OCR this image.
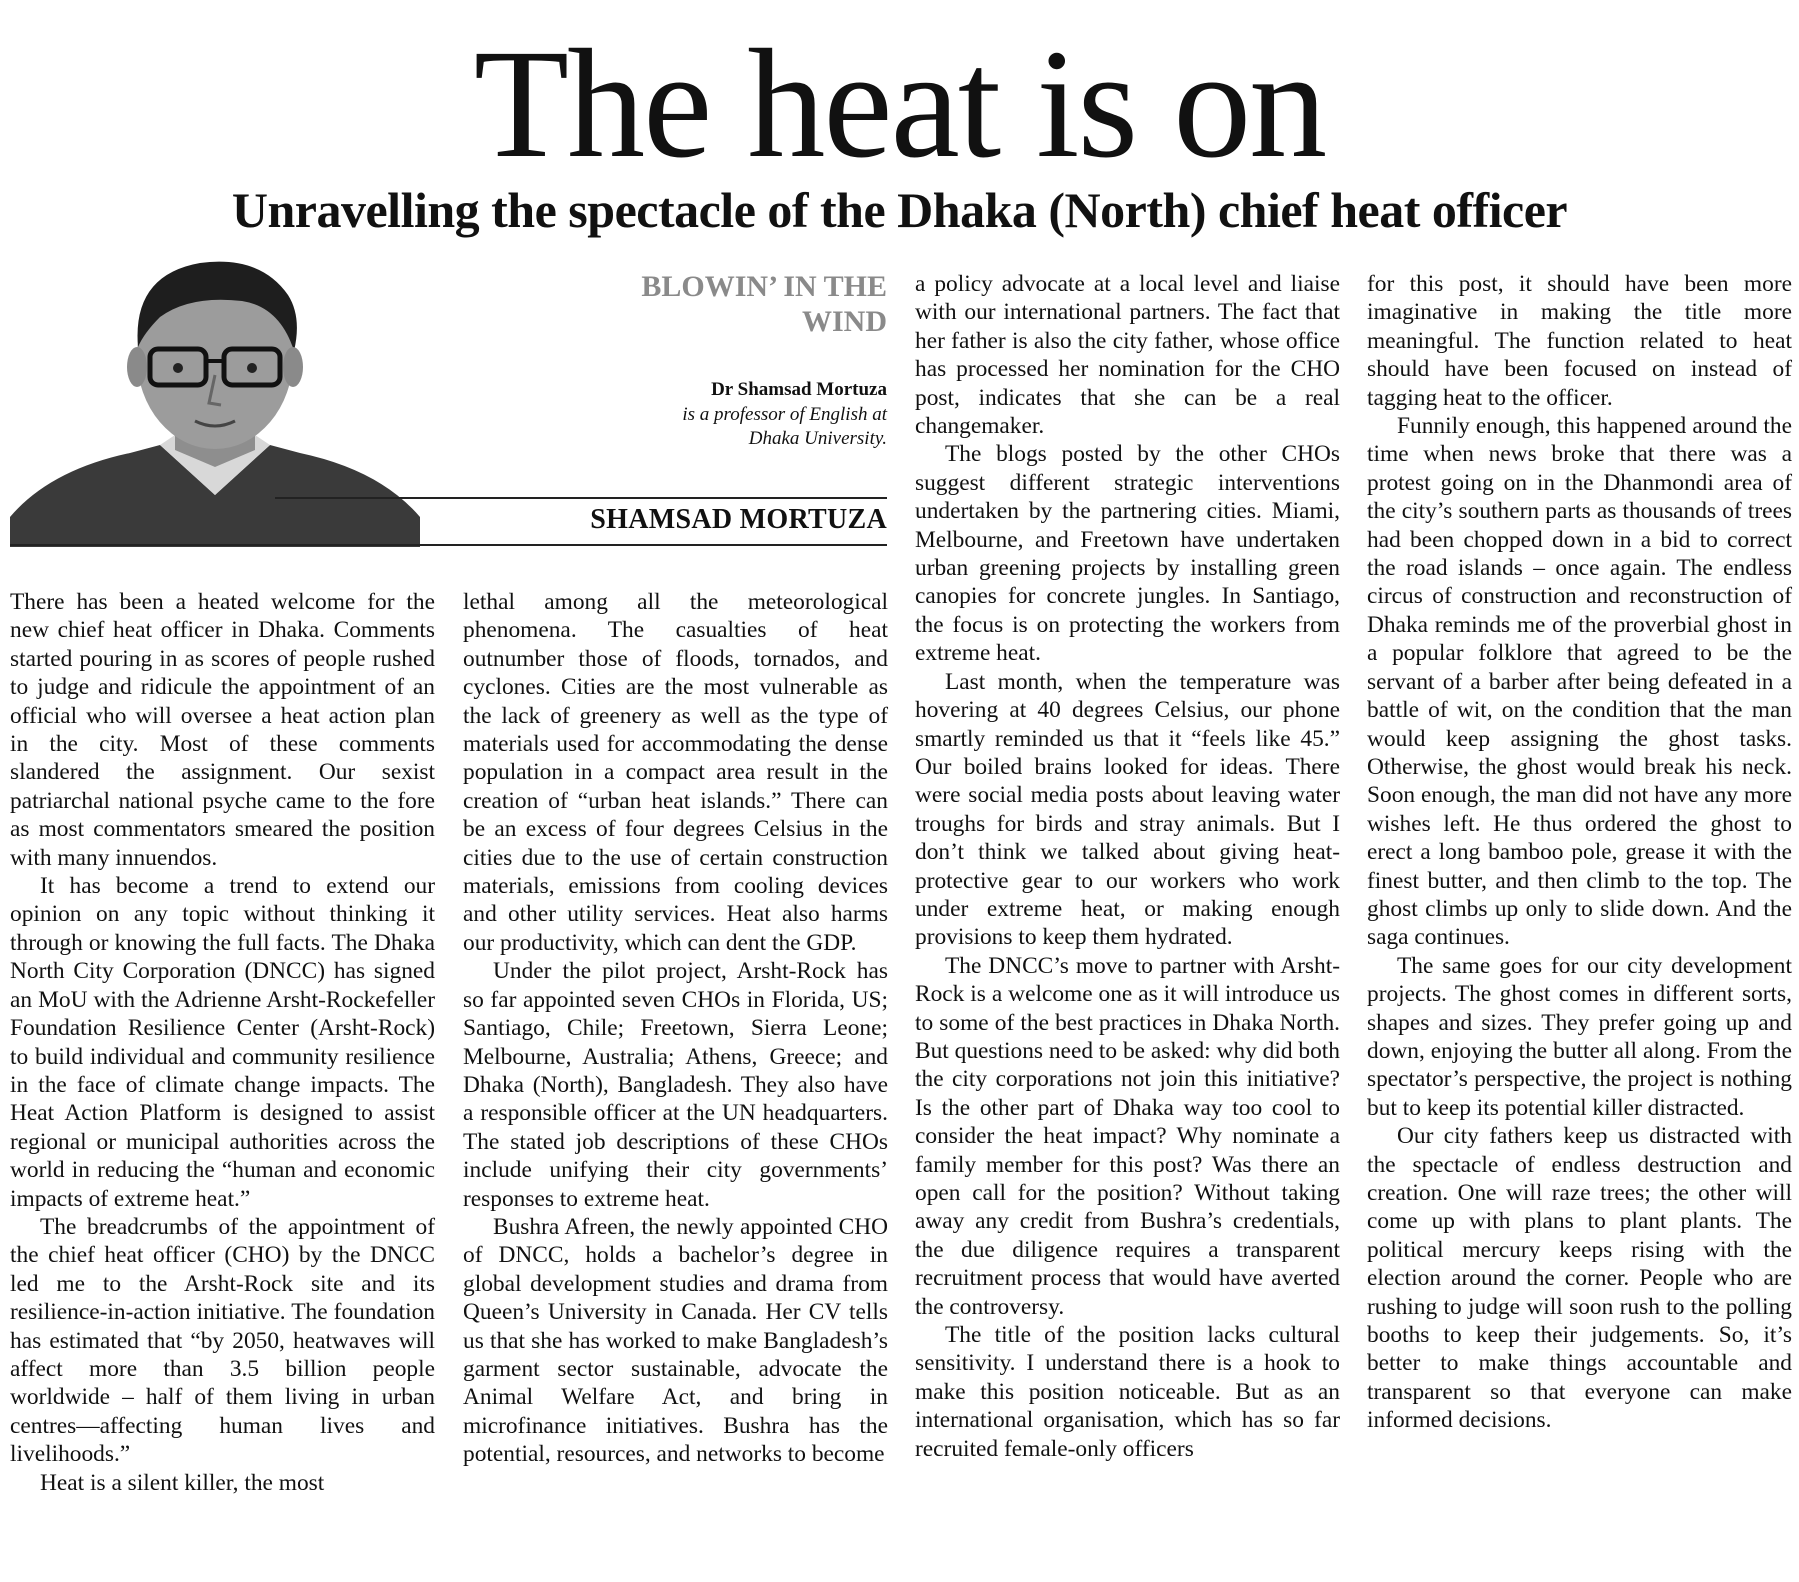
The heat is on
Unravelling the spectacle of the Dhaka (North) chief heat officer
BLOWIN’ IN THE WIND
Dr Shamsad Mortuza
is a professor of English at
Dhaka University.
SHAMSAD MORTUZA

There has been a heated welcome for the new chief heat officer in Dhaka. Comments started pouring in as scores of people rushed to judge and ridicule the appointment of an official who will oversee a heat action plan in the city. Most of these comments slandered the assignment. Our sexist patriarchal national psyche came to the fore as most commentators smeared the position with many innuendos.

It has become a trend to extend our opinion on any topic without thinking it through or knowing the full facts. The Dhaka North City Corporation (DNCC) has signed an MoU with the Adrienne Arsht-Rockefeller Foundation Resilience Center (Arsht-Rock) to build individual and community resilience in the face of climate change impacts. The Heat Action Platform is designed to assist regional or municipal authorities across the world in reducing the “human and economic impacts of extreme heat.”

The breadcrumbs of the appointment of the chief heat officer (CHO) by the DNCC led me to the Arsht-Rock site and its resilience-in-action initiative. The foundation has estimated that “by 2050, heatwaves will affect more than 3.5 billion people worldwide – half of them living in urban centres—affecting human lives and livelihoods.”

Heat is a silent killer, the most

lethal among all the meteorological phenomena. The casualties of heat outnumber those of floods, tornados, and cyclones. Cities are the most vulnerable as the lack of greenery as well as the type of materials used for accommodating the dense population in a compact area result in the creation of “urban heat islands.” There can be an excess of four degrees Celsius in the cities due to the use of certain construction materials, emissions from cooling devices and other utility services. Heat also harms our productivity, which can dent the GDP.

Under the pilot project, Arsht-Rock has so far appointed seven CHOs in Florida, US; Santiago, Chile; Freetown, Sierra Leone; Melbourne, Australia; Athens, Greece; and Dhaka (North), Bangladesh. They also have a responsible officer at the UN headquarters. The stated job descriptions of these CHOs include unifying their city governments’ responses to extreme heat.

Bushra Afreen, the newly appointed CHO of DNCC, holds a bachelor’s degree in global development studies and drama from Queen’s University in Canada. Her CV tells us that she has worked to make Bangladesh’s garment sector sustainable, advocate the Animal Welfare Act, and bring in microfinance initiatives. Bushra has the potential, resources, and networks to become

a policy advocate at a local level and liaise with our international partners. The fact that her father is also the city father, whose office has processed her nomination for the CHO post, indicates that she can be a real changemaker.

The blogs posted by the other CHOs suggest different strategic interventions undertaken by the partnering cities. Miami, Melbourne, and Freetown have undertaken urban greening projects by installing green canopies for concrete jungles. In Santiago, the focus is on protecting the workers from extreme heat.

Last month, when the temperature was hovering at 40 degrees Celsius, our phone smartly reminded us that it “feels like 45.” Our boiled brains looked for ideas. There were social media posts about leaving water troughs for birds and stray animals. But I don’t think we talked about giving heat-protective gear to our workers who work under extreme heat, or making enough provisions to keep them hydrated.

The DNCC’s move to partner with Arsht-Rock is a welcome one as it will introduce us to some of the best practices in Dhaka North. But questions need to be asked: why did both the city corporations not join this initiative? Is the other part of Dhaka way too cool to consider the heat impact? Why nominate a family member for this post? Was there an open call for the position? Without taking away any credit from Bushra’s credentials, the due diligence requires a transparent recruitment process that would have averted the controversy.

The title of the position lacks cultural sensitivity. I understand there is a hook to make this position noticeable. But as an international organisation, which has so far recruited female-only officers

for this post, it should have been more imaginative in making the title more meaningful. The function related to heat should have been focused on instead of tagging heat to the officer.

Funnily enough, this happened around the time when news broke that there was a protest going on in the Dhanmondi area of the city’s southern parts as thousands of trees had been chopped down in a bid to correct the road islands – once again. The endless circus of construction and reconstruction of Dhaka reminds me of the proverbial ghost in a popular folklore that agreed to be the servant of a barber after being defeated in a battle of wit, on the condition that the man would keep assigning the ghost tasks. Otherwise, the ghost would break his neck. Soon enough, the man did not have any more wishes left. He thus ordered the ghost to erect a long bamboo pole, grease it with the finest butter, and then climb to the top. The ghost climbs up only to slide down. And the saga continues.

The same goes for our city development projects. The ghost comes in different sorts, shapes and sizes. They prefer going up and down, enjoying the butter all along. From the spectator’s perspective, the project is nothing but to keep its potential killer distracted.

Our city fathers keep us distracted with the spectacle of endless destruction and creation. One will raze trees; the other will come up with plans to plant plants. The political mercury keeps rising with the election around the corner. People who are rushing to judge will soon rush to the polling booths to keep their judgements. So, it’s better to make things accountable and transparent so that everyone can make informed decisions.
